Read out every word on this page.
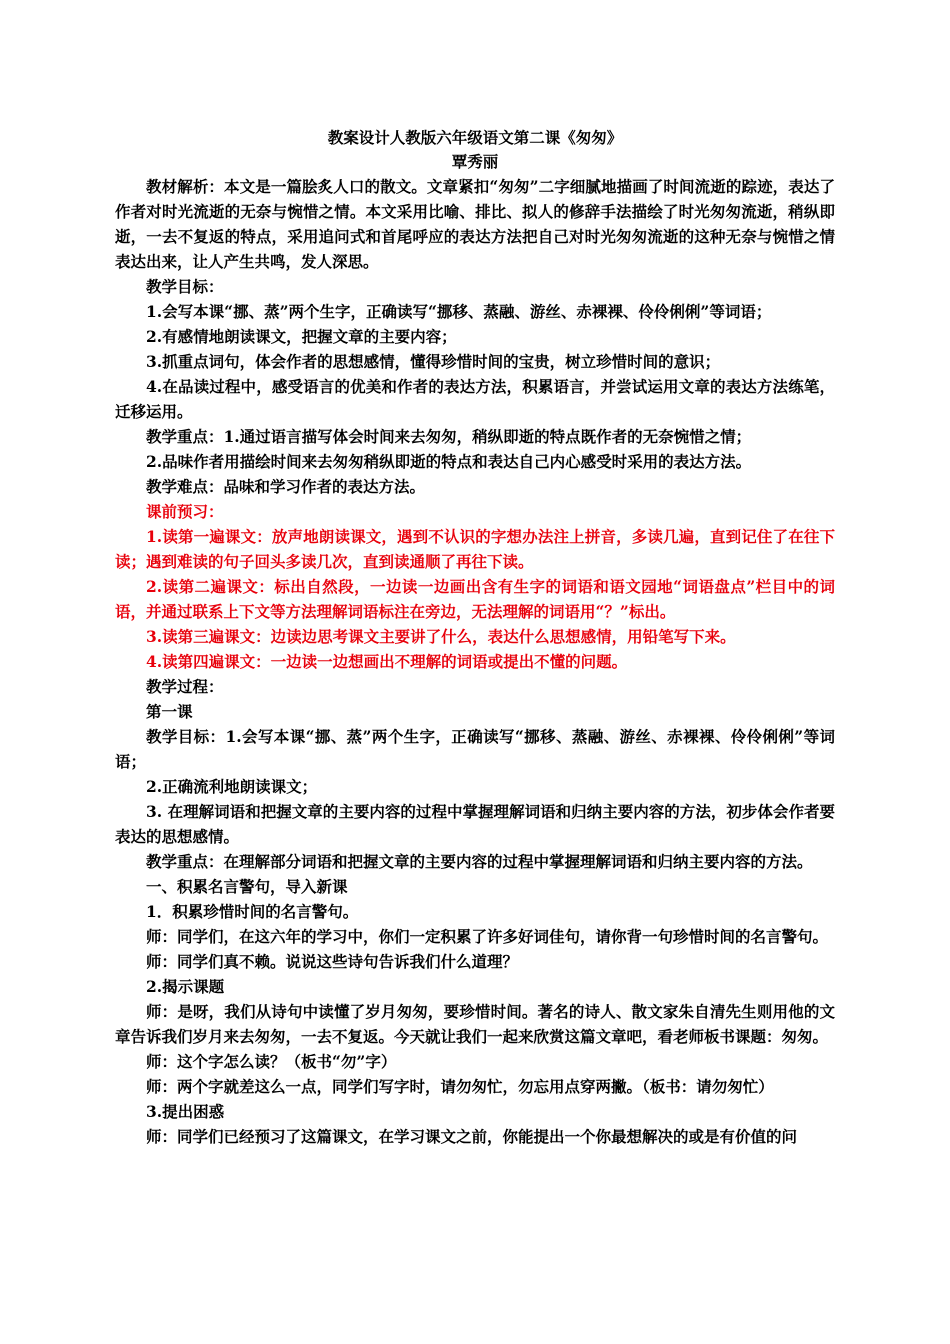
教案设计人教版六年级语文第二课《匆匆》
覃秀丽

教材解析：本文是一篇脍炙人口的散文。文章紧扣“匆匆”二字细腻地描画了时间流逝的踪迹，表达了作者对时光流逝的无奈与惋惜之情。本文采用比喻、排比、拟人的修辞手法描绘了时光匆匆流逝，稍纵即逝，一去不复返的特点，采用追问式和首尾呼应的表达方法把自己对时光匆匆流逝的这种无奈与惋惜之情表达出来，让人产生共鸣，发人深思。

教学目标：

1.会写本课“挪、蒸”两个生字，正确读写“挪移、蒸融、游丝、赤裸裸、伶伶俐俐”等词语；

2.有感情地朗读课文，把握文章的主要内容；

3.抓重点词句，体会作者的思想感情，懂得珍惜时间的宝贵，树立珍惜时间的意识；

4.在品读过程中，感受语言的优美和作者的表达方法，积累语言，并尝试运用文章的表达方法练笔，迁移运用。

教学重点：1.通过语言描写体会时间来去匆匆，稍纵即逝的特点既作者的无奈惋惜之情；

2.品味作者用描绘时间来去匆匆稍纵即逝的特点和表达自己内心感受时采用的表达方法。

教学难点：品味和学习作者的表达方法。

课前预习：

1.读第一遍课文：放声地朗读课文，遇到不认识的字想办法注上拼音，多读几遍，直到记住了在往下读；遇到难读的句子回头多读几次，直到读通顺了再往下读。

2.读第二遍课文：标出自然段，一边读一边画出含有生字的词语和语文园地“词语盘点”栏目中的词语，并通过联系上下文等方法理解词语标注在旁边，无法理解的词语用“？”标出。

3.读第三遍课文：边读边思考课文主要讲了什么，表达什么思想感情，用铅笔写下来。

4.读第四遍课文：一边读一边想画出不理解的词语或提出不懂的问题。

教学过程：

第一课

教学目标：1.会写本课“挪、蒸”两个生字，正确读写“挪移、蒸融、游丝、赤裸裸、伶伶俐俐”等词语；

2.正确流利地朗读课文；

3. 在理解词语和把握文章的主要内容的过程中掌握理解词语和归纳主要内容的方法，初步体会作者要表达的思想感情。

教学重点：在理解部分词语和把握文章的主要内容的过程中掌握理解词语和归纳主要内容的方法。

一、积累名言警句，导入新课

1．积累珍惜时间的名言警句。

师：同学们，在这六年的学习中，你们一定积累了许多好词佳句，请你背一句珍惜时间的名言警句。

师：同学们真不赖。说说这些诗句告诉我们什么道理？

2.揭示课题

师：是呀，我们从诗句中读懂了岁月匆匆，要珍惜时间。著名的诗人、散文家朱自清先生则用他的文章告诉我们岁月来去匆匆，一去不复返。今天就让我们一起来欣赏这篇文章吧，看老师板书课题：匆匆。

师：这个字怎么读？（板书“勿”字）

师：两个字就差这么一点，同学们写字时，请勿匆忙，勿忘用点穿两撇。（板书：请勿匆忙）

3.提出困惑

师：同学们已经预习了这篇课文，在学习课文之前，你能提出一个你最想解决的或是有价值的问
